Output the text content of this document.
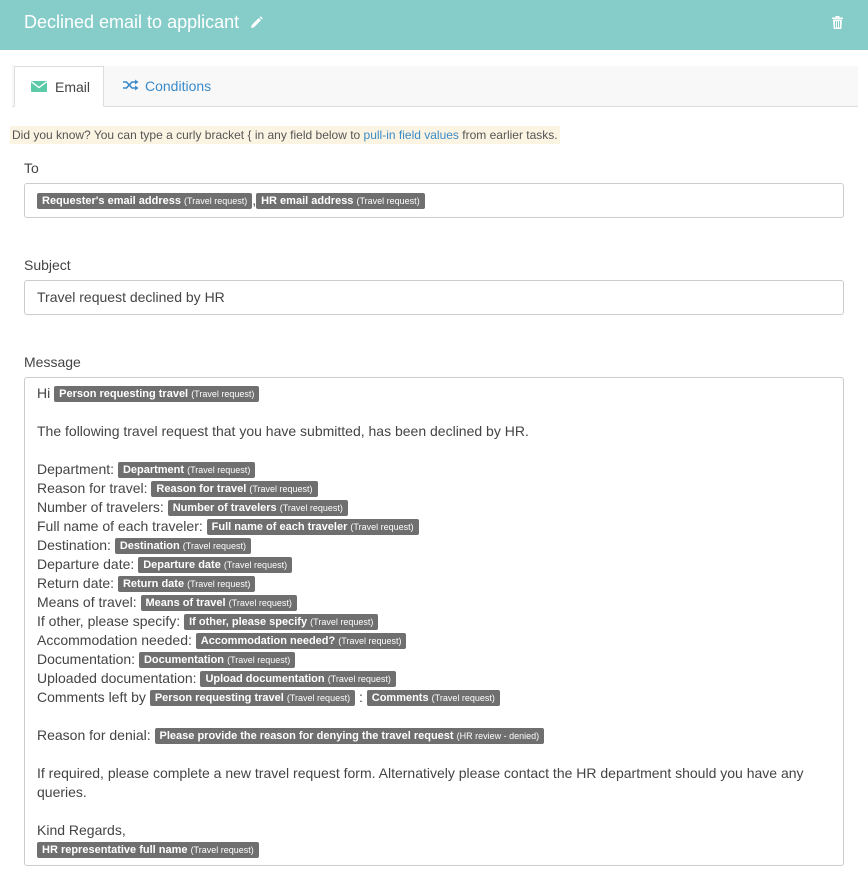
Declined email to applicant
Email	Conditions
Did you know? You can type a curly bracket { in any field below to pull-in field values from earlier tasks.
To
Requester's email address (Travel request) , HR email address (Travel request)
Subject
Travel request declined by HR
Message
Hi Person requesting travel (Travel request)
The following travel request that you have submitted, has been declined by HR.
Department: Department (Travel request)
Reason for travel: Reason for travel (Travel request)
Number of travelers: Number of travelers (Travel request)
Full name of each traveler: Full name of each traveler (Travel request)
Destination: Destination (Travel request)
Departure date: Departure date (Travel request)
Return date: Return date (Travel request)
Means of travel: Means of travel (Travel request)
If other, please specify: If other, please specify (Travel request)
Accommodation needed: Accommodation needed? (Travel request)
Documentation: Documentation (Travel request)
Uploaded documentation: Upload documentation (Travel request)
Comments left by Person requesting travel (Travel request) : Comments (Travel request)
Reason for denial: Please provide the reason for denying the travel request (HR review - denied)
If required, please complete a new travel request form. Alternatively please contact the HR department should you have any
queries.
Kind Regards,
HR representative full name (Travel request)
